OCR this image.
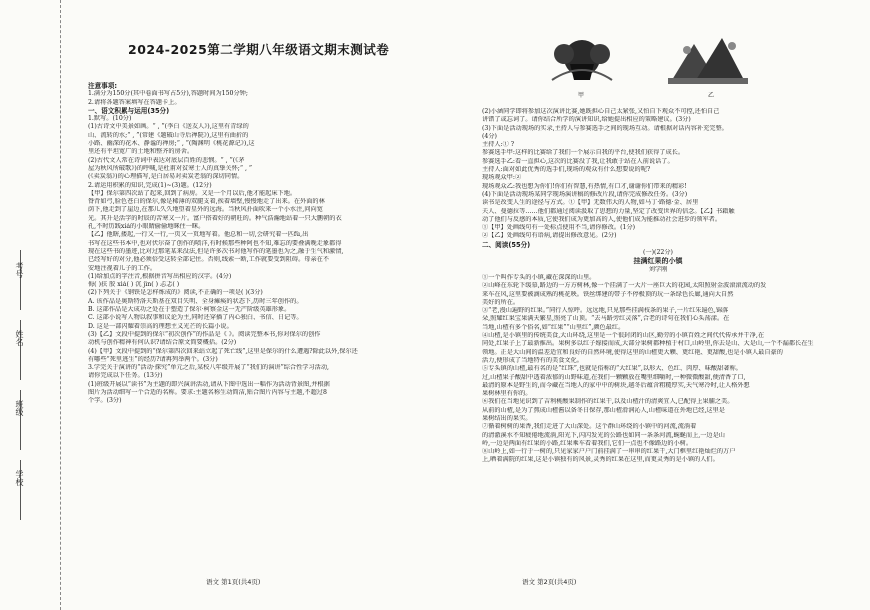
考号
姓名
班级
学校
2024-2025第二学期八年级语文期末测试卷

注意事项:

1.满分为150分(其中卷面书写占5分),答题时间为150分钟;

2.请将各题答案填写在答题卡上。

一、语文积累与运用(35分)

1.默写。(10分)

(1)古诗文中美景如画。“ , ”(李白《送友人》),这里有青绿的

山、流转的水;“ , ”(常建《题破山寺后禅院》),这里有曲折的

小路、幽深的花木、静谧的禅房;“ , ”(陶渊明《桃花源记》),这

里还有平坦宽广的土地和整齐的房舍。

(2)古代文人常在诗词中表达对底层百姓的悲悯。“ , ”(《茅

屋为秋风所破歌》)的呼喊,是杜甫对贫寒士人的真挚关怀;“ , ”

(《卖炭翁》)的心理描写,是白居易对卖炭老翁的深切同情。

2.请运用积累的知识,完成(1)~(3)题。(12分)

【甲】保尔第四次站了起来,回到了病房。又是一个月以后,他才能起床下地。

脊背如弓,脸色苍白的保尔,像是稀薄的双腿支着,挨着墙壁,慢慢地走了出来。在外面的林

荫下,他走到了崖边,在那儿久久地望着星外的远海。当秋风扑面吹来一个小水注,问向宽

光。其升是活字的时辰的苦寒又一片。富户搭着好的朝旺的。种气浩瀚地站着一只大鹏朝的衣

孔,不时历践xiá的小眼睛偷偷地眯住一眯。

【乙】他瞎,搂起,一行又一行,一页又一页地写着。他总和一切,会研究着一匹fù,出

书写在这些书本中,也对伏尔奋了创作的喷洋,有时候那些种阿也不知,难忘的要叠满晚走象都得

现在这些书的墨迹,比对过那笔某来没法,但是许多次书对他写作的笔墨也为之,融于生气和激情,

已经写好的对分,他必须倍受这转全部记住。否则,线索一断,工作就要受到阻碍。母亲在不

安地注视着儿子的工作。

(1)给加点的字注音,根据拼音写出相应的汉字。(4分)

侮( )扶 胶 xiá( ) 沉 jìn( ) 忐忑( )

(2)下列关于《钢铁是怎样炼成的》阅读,不正确的一项是( )(3分)

A. 该作品是奥斯特洛夫斯基在双目失明、全身瘫痪的状态下,历时三年创作的。

B. 这部作品是大成功之处在于塑造了保尔·柯察金这一无产阶级英雄形象。

C. 这部小说写人物以叙事和议论为主,同时还穿插了内心独白、书信、日记等。

D. 这是一部闪耀着崇高的理想主义光芒的长篇小说。

(3)【乙】文段中提到的保尔“初次创作”的作品是《 》。阅读完整本书,你对保尔的创作

动机与创作精神有何认识?请结合原文简要概括。(2分)

(4)【甲】文段中提到的“保尔第四次回来站立起了死亡线”,这里是保尔的什么遭遇?除此以外,保尔还

有哪些“死里逃生”的经历?请再列举两个。(3分)

3.学完关于演讲的“活动·探究”单元之后,某校八年级开展了“我们的演讲”综合性学习活动,

请你完成以下任务。(13分)

(1)班级开展以“读书”为主题的即兴演讲活动,请从下图中选出一幅作为活动背景图,并根据

图片为活动细写一个合适的名称。要求:主题名称生动简洁,贴合图片内容与主题,不超过8

个字。(3分)

语文 第1页(共4页)
甲	乙

(2)小涵同学即将参加这次演讲比赛,她既担心自己太紧张,又怕自下观众不可控,还怕自己

讲错了或忘词了。请你结合所学的演讲知识,给她提出相应的策略建议。(3分)

(3)下面是活动现场的实录,主持人与参赛选手之间的现场互动。请根据对话内容补充完整。

(4分)

主持人:① ?

参赛选手甲:这样的比赛给了我们一个展示自我的平台,使我们获得了成长。

参赛选手乙:看一直担心,这次的比赛没了我,让我敢于站在人前说话了。

主持人:面对如此优秀的选手们,现场的观众有什么想要说的呢?

现场观众甲:②

现场观众乙:我也想为你们!你们有智慧,有热情,有口才,谢谢你们带来的精彩!

(4)下面是活动现场某同学现场演讲稿的修改片段,请你完成修改任务。(3分)

读书是改变人生的途径与方式。①【甲】无数伟大的人物,如马丁·路德·金、居里

夫人、曼德拉等……他们都通过阅读汲取了思想的力量,坚定了改变世界的信念。【乙】书籍触

动了他们与反感的本质,它使我们成为更加高的人,使他们成为能推动社会进步的领军者。

①【甲】处画线句有一处标点使用不当,请你修改。(1分)

②【乙】处画线句有语病,请提出修改意见。(2分)

二、阅读(55分)

(一)(22分)

挂满红果的小镇

刘学刚

①一个叫作专头的小镇,藏在深深的山里。

②山峰在东轮下缓慕,路边的一方方树林,像一个挂满了一大片一座巨大的花园,太阳照射金波滚滚流动的发

来车在风,这里要被滴成熟的桃花映。铁丝绑建的带子不停极顶的玩一条绿色长廊,通向大自然

美好的所在。

③“老,漫山遍野的红果。”同行人惊呼。远远地,只见那些挂满枝条的果子,一片红朱遍色,锦落

朵,照耀红果宝果满天繁星,照亮了山顶。“去马路旁红灵落”,合老的诗句在我们心头荡漾。在

当地,山楂有多个俗名,如“红果”“山里红”,颜色最红。

④山楂,是小镇里的传统美食,大山环绕,这里是一个很封闭的山区,勤劳的小镇百姓之间代代传承并干净,在

同处,红果子上了最新推出。果树多以红子嫁接而成,大部分果树都种植于村口,山岭里,你去是山、大是山,一个不漏都长在生

领地。正是大山间的温差适宜和良好的自然环境,使得这里的山楂更大颗、更红艳、更甜酸,也是小镇人最自豪的

活力,便形成了当地特有的美食文化。

⑤专头镇的山楂,最有名的是“红珠”,也就是俗称的“大红果”,以形大、色红、肉厚、味酸甜著称。

过,山楂果子酸甜中透着浓郁的山野味道,在我们一颗颗放在嘴里细嚼时,一种微微酸甜,便清香了口,

最清的原本是野生的,而今藏在当地人的家中中的树块,越冬后蕴含粗糙厚实,天气寒冷时,让人格外想

果树林里有你的。

⑥我们在当地见识到了吉利桃酸果制作的红果干,以及山楂汁的清爽宜人,已配得上果脯之美。

从前的山楂,是为了熬成山楂酱以备冬日保存,那山楂滑润沁人,山楂味道在外地已经,这里是

果树结出的果实。

⑦循着树树的果香,我们走进了大山深处。这个群山环绕的小镇中的河流,流淌着

的清澈溪水不知疲倦地流淌,阳光下,闪闪发光的公路也如同一条条河流,蜿蜒而上,一边是山

岭,一边是两面有红果的小路,红果乘车看着我们,它们一点也不像路边的小树。

⑧山岭上,如一行于一树的,只见家家户户门前挂满了一串串的红果干,大门框里红艳灿烂的万户

上,晒着满院的红果,这是小镇独有的风景,灵秀的红果在这里,而更灵秀的是小镇的人们。

语文 第2页(共4页)
